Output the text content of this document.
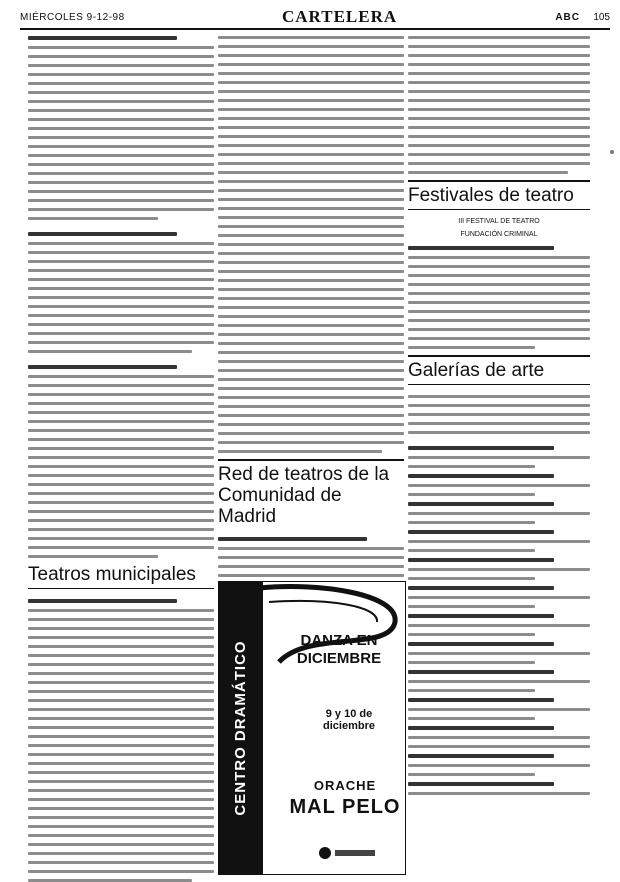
MIÉRCOLES 9-12-98	CARTELERA	ABC 105
Teatros municipales
Red de teatros de la
Comunidad de Madrid
CENTRO DRAMÁTICO NACIONAL
DANZA EN
DICIEMBRE
9 y 10 de diciembre
ORACHE
MAL PELO
Festivales de teatro
III FESTIVAL DE TEATRO
FUNDACIÓN CRIMINAL
Galerías de arte
